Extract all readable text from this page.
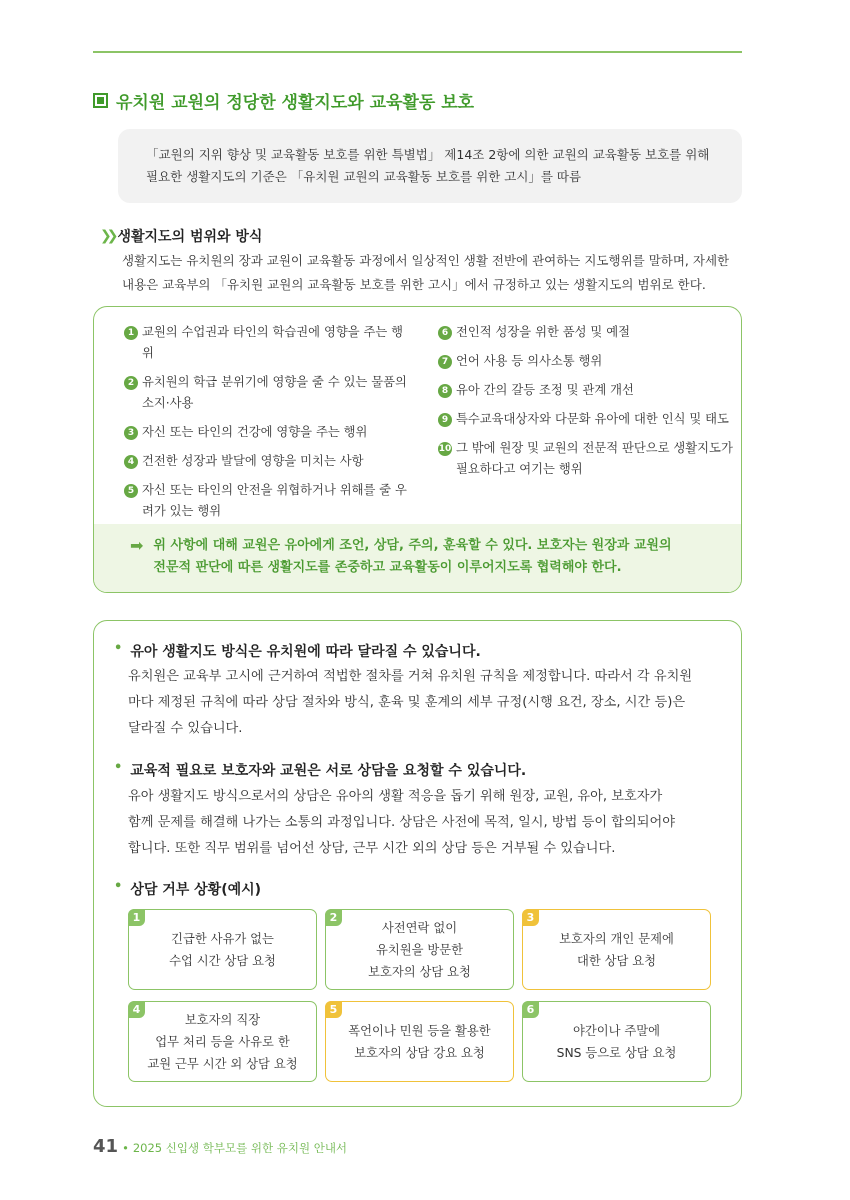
유치원 교원의 정당한 생활지도와 교육활동 보호
「교원의 지위 향상 및 교육활동 보호를 위한 특별법」 제14조 2항에 의한 교원의 교육활동 보호를 위해
필요한 생활지도의 기준은 「유치원 교원의 교육활동 보호를 위한 고시」를 따름
❯❯ 생활지도의 범위와 방식
생활지도는 유치원의 장과 교원이 교육활동 과정에서 일상적인 생활 전반에 관여하는 지도행위를 말하며, 자세한
내용은 교육부의 「유치원 교원의 교육활동 보호를 위한 고시」에서 규정하고 있는 생활지도의 범위로 한다.
1 교원의 수업권과 타인의 학습권에 영향을 주는 행위
2 유치원의 학급 분위기에 영향을 줄 수 있는 물품의 소지·사용
3 자신 또는 타인의 건강에 영향을 주는 행위
4 건전한 성장과 발달에 영향을 미치는 사항
5 자신 또는 타인의 안전을 위협하거나 위해를 줄 우려가 있는 행위
6 전인적 성장을 위한 품성 및 예절
7 언어 사용 등 의사소통 행위
8 유아 간의 갈등 조정 및 관계 개선
9 특수교육대상자와 다문화 유아에 대한 인식 및 태도
10 그 밖에 원장 및 교원의 전문적 판단으로 생활지도가 필요하다고 여기는 행위
➡ 위 사항에 대해 교원은 유아에게 조언, 상담, 주의, 훈육할 수 있다. 보호자는 원장과 교원의
전문적 판단에 따른 생활지도를 존중하고 교육활동이 이루어지도록 협력해야 한다.
• 유아 생활지도 방식은 유치원에 따라 달라질 수 있습니다.
유치원은 교육부 고시에 근거하여 적법한 절차를 거쳐 유치원 규칙을 제정합니다. 따라서 각 유치원
마다 제정된 규칙에 따라 상담 절차와 방식, 훈육 및 훈계의 세부 규정(시행 요건, 장소, 시간 등)은
달라질 수 있습니다.
• 교육적 필요로 보호자와 교원은 서로 상담을 요청할 수 있습니다.
유아 생활지도 방식으로서의 상담은 유아의 생활 적응을 돕기 위해 원장, 교원, 유아, 보호자가
함께 문제를 해결해 나가는 소통의 과정입니다. 상담은 사전에 목적, 일시, 방법 등이 합의되어야
합니다. 또한 직무 범위를 넘어선 상담, 근무 시간 외의 상담 등은 거부될 수 있습니다.
• 상담 거부 상황(예시)
1
긴급한 사유가 없는
수업 시간 상담 요청
2
사전연락 없이
유치원을 방문한
보호자의 상담 요청
3
보호자의 개인 문제에
대한 상담 요청
4
보호자의 직장
업무 처리 등을 사유로 한
교원 근무 시간 외 상담 요청
5
폭언이나 민원 등을 활용한
보호자의 상담 강요 요청
6
야간이나 주말에
SNS 등으로 상담 요청
41 • 2025 신입생 학부모를 위한 유치원 안내서
